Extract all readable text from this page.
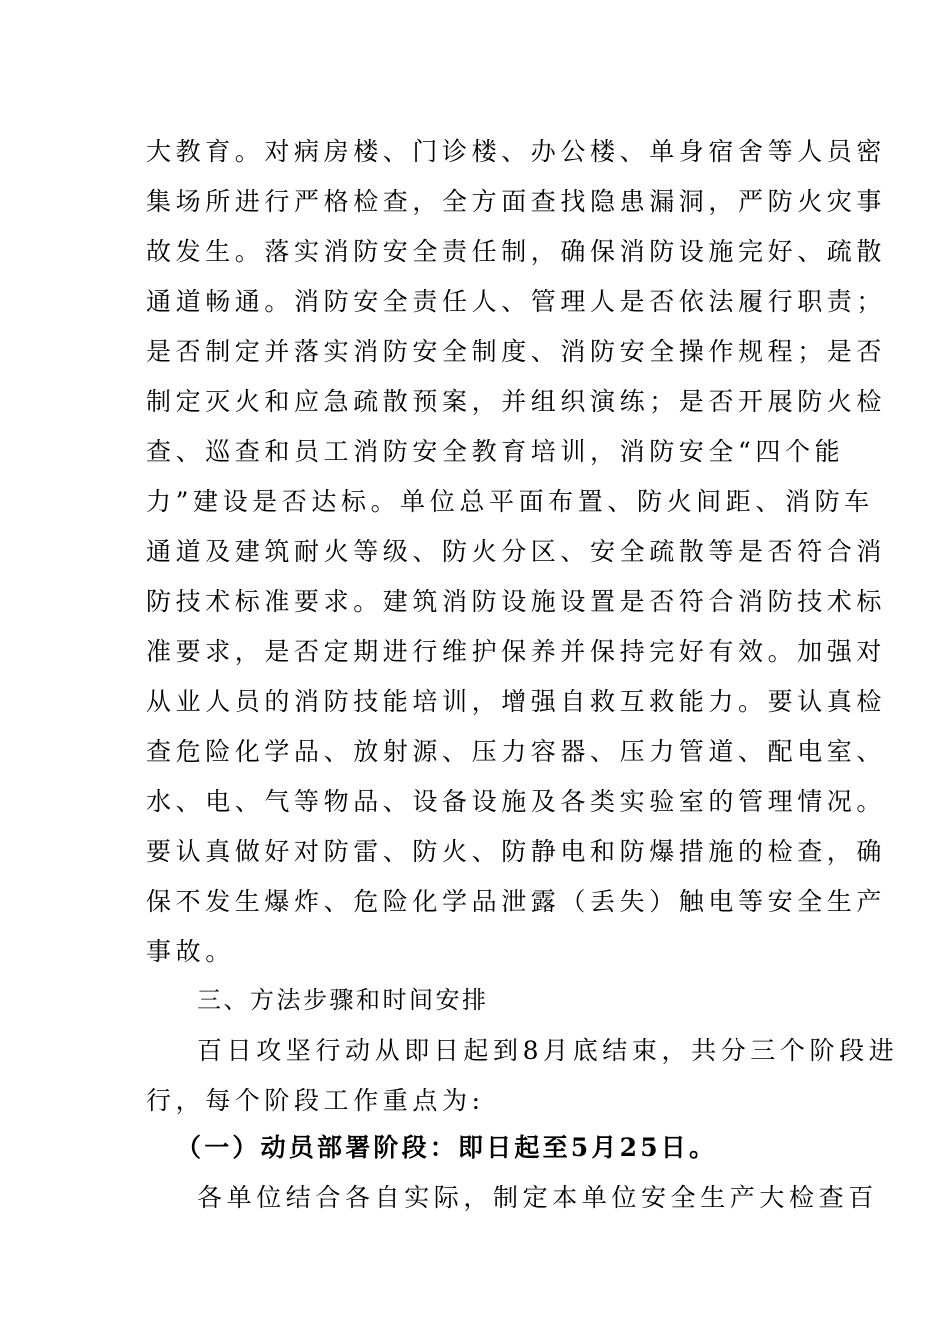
大教育。对病房楼、门诊楼、办公楼、单身宿舍等人员密
集场所进行严格检查，全方面查找隐患漏洞，严防火灾事
故发生。落实消防安全责任制，确保消防设施完好、疏散
通道畅通。消防安全责任人、管理人是否依法履行职责；
是否制定并落实消防安全制度、消防安全操作规程；是否
制定灭火和应急疏散预案，并组织演练；是否开展防火检
查、巡查和员工消防安全教育培训，消防安全“四个能
力”建设是否达标。单位总平面布置、防火间距、消防车
通道及建筑耐火等级、防火分区、安全疏散等是否符合消
防技术标准要求。建筑消防设施设置是否符合消防技术标
准要求，是否定期进行维护保养并保持完好有效。加强对
从业人员的消防技能培训，增强自救互救能力。要认真检
查危险化学品、放射源、压力容器、压力管道、配电室、
水、电、气等物品、设备设施及各类实验室的管理情况。
要认真做好对防雷、防火、防静电和防爆措施的检查，确
保不发生爆炸、危险化学品泄露（丢失）触电等安全生产
事故。
三、方法步骤和时间安排
百日攻坚行动从即日起到8月底结束，共分三个阶段进
行，每个阶段工作重点为:
（一）动员部署阶段：即日起至5月25日。
各单位结合各自实际，制定本单位安全生产大检查百
